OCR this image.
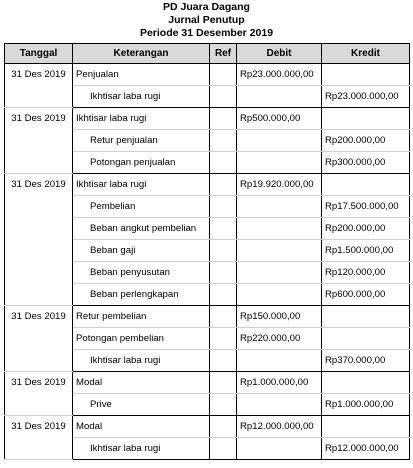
PD Juara Dagang
Jurnal Penutup
Periode 31 Desember 2019
Tanggal	Keterangan	Ref	Debit	Kredit
31 Des 2019	Penjualan		Rp23.000.000,00	
	Ikhtisar laba rugi			Rp23.000.000,00
31 Des 2019	Ikhtisar laba rugi		Rp500.000,00	
	Retur penjualan			Rp200.000,00
	Potongan penjualan			Rp300.000,00
31 Des 2019	Ikhtisar laba rugi		Rp19.920.000,00	
	Pembelian			Rp17.500.000,00
	Beban angkut pembelian			Rp200.000,00
	Beban gaji			Rp1.500.000,00
	Beban penyusutan			Rp120.000,00
	Beban perlengkapan			Rp600.000,00
31 Des 2019	Retur pembelian		Rp150.000,00	
	Potongan pembelian		Rp220.000,00	
	Ikhtisar laba rugi			Rp370.000,00
31 Des 2019	Modal		Rp1.000.000,00	
	Prive			Rp1.000.000,00
31 Des 2019	Modal		Rp12.000.000,00	
	Ikhtisar laba rugi			Rp12.000.000,00
